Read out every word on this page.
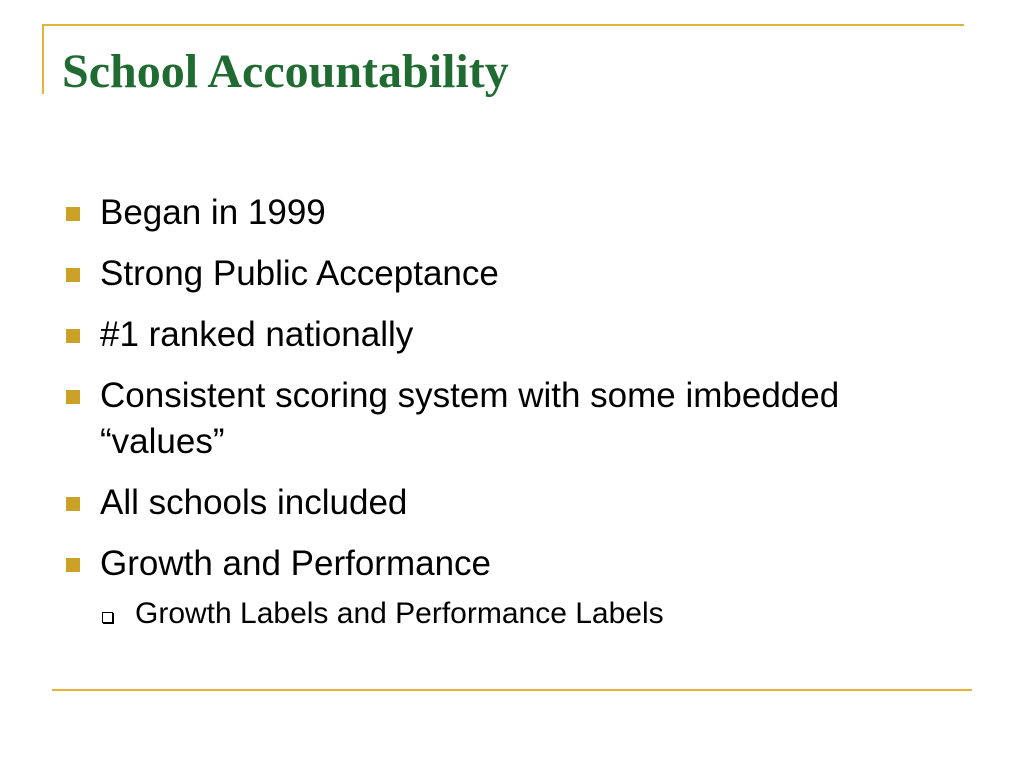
School Accountability
Began in 1999
Strong Public Acceptance
#1 ranked nationally
Consistent scoring system with some imbedded “values”
All schools included
Growth and Performance
Growth Labels and Performance Labels
